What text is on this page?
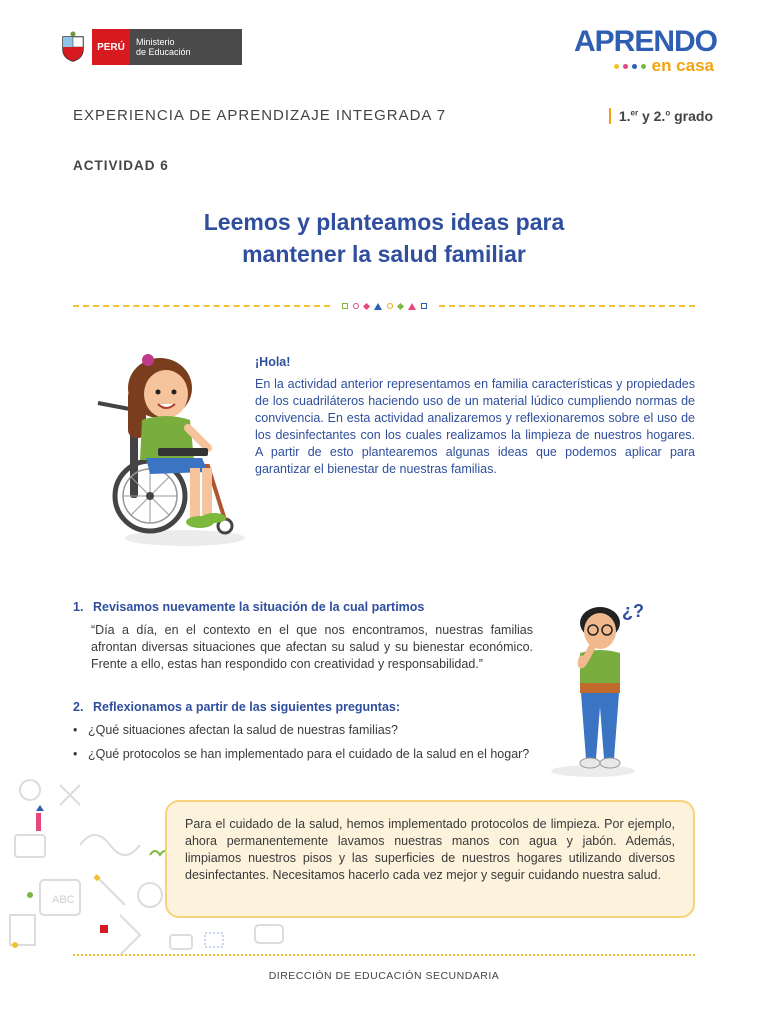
PERÚ	Ministerio
de Educación	APRENDO
en casa
EXPERIENCIA DE APRENDIZAJE INTEGRADA 7	1.$^{er}$ y 2.$^o$ grado
ACTIVIDAD 6
Leemos y planteamos ideas para
mantener la salud familiar
¡Hola!

En la actividad anterior representamos en familia características y propiedades de los cuadriláteros haciendo uso de un material lúdico cumpliendo normas de convivencia. En esta actividad analizaremos y reflexionaremos sobre el uso de los desinfectantes con los cuales realizamos la limpieza de nuestros hogares. A partir de esto plantearemos algunas ideas que podemos aplicar para garantizar el bienestar de nuestras familias.

1. Revisamos nuevamente la situación de la cual partimos

“Día a día, en el contexto en el que nos encontramos, nuestras familias afrontan diversas situaciones que afectan su salud y su bienestar económico. Frente a ello, estas han respondido con creatividad y responsabilidad.”

2. Reflexionamos a partir de las siguientes preguntas:
• ¿Qué situaciones afectan la salud de nuestras familias?
• ¿Qué protocolos se han implementado para el cuidado de la salud en el hogar?
¿?
ABC

Para el cuidado de la salud, hemos implementado protocolos de limpieza. Por ejemplo, ahora permanentemente lavamos nuestras manos con agua y jabón. Además, limpiamos nuestros pisos y las superficies de nuestros hogares utilizando diversos desinfectantes. Necesitamos hacerlo cada vez mejor y seguir cuidando nuestra salud.

DIRECCIÓN DE EDUCACIÓN SECUNDARIA
